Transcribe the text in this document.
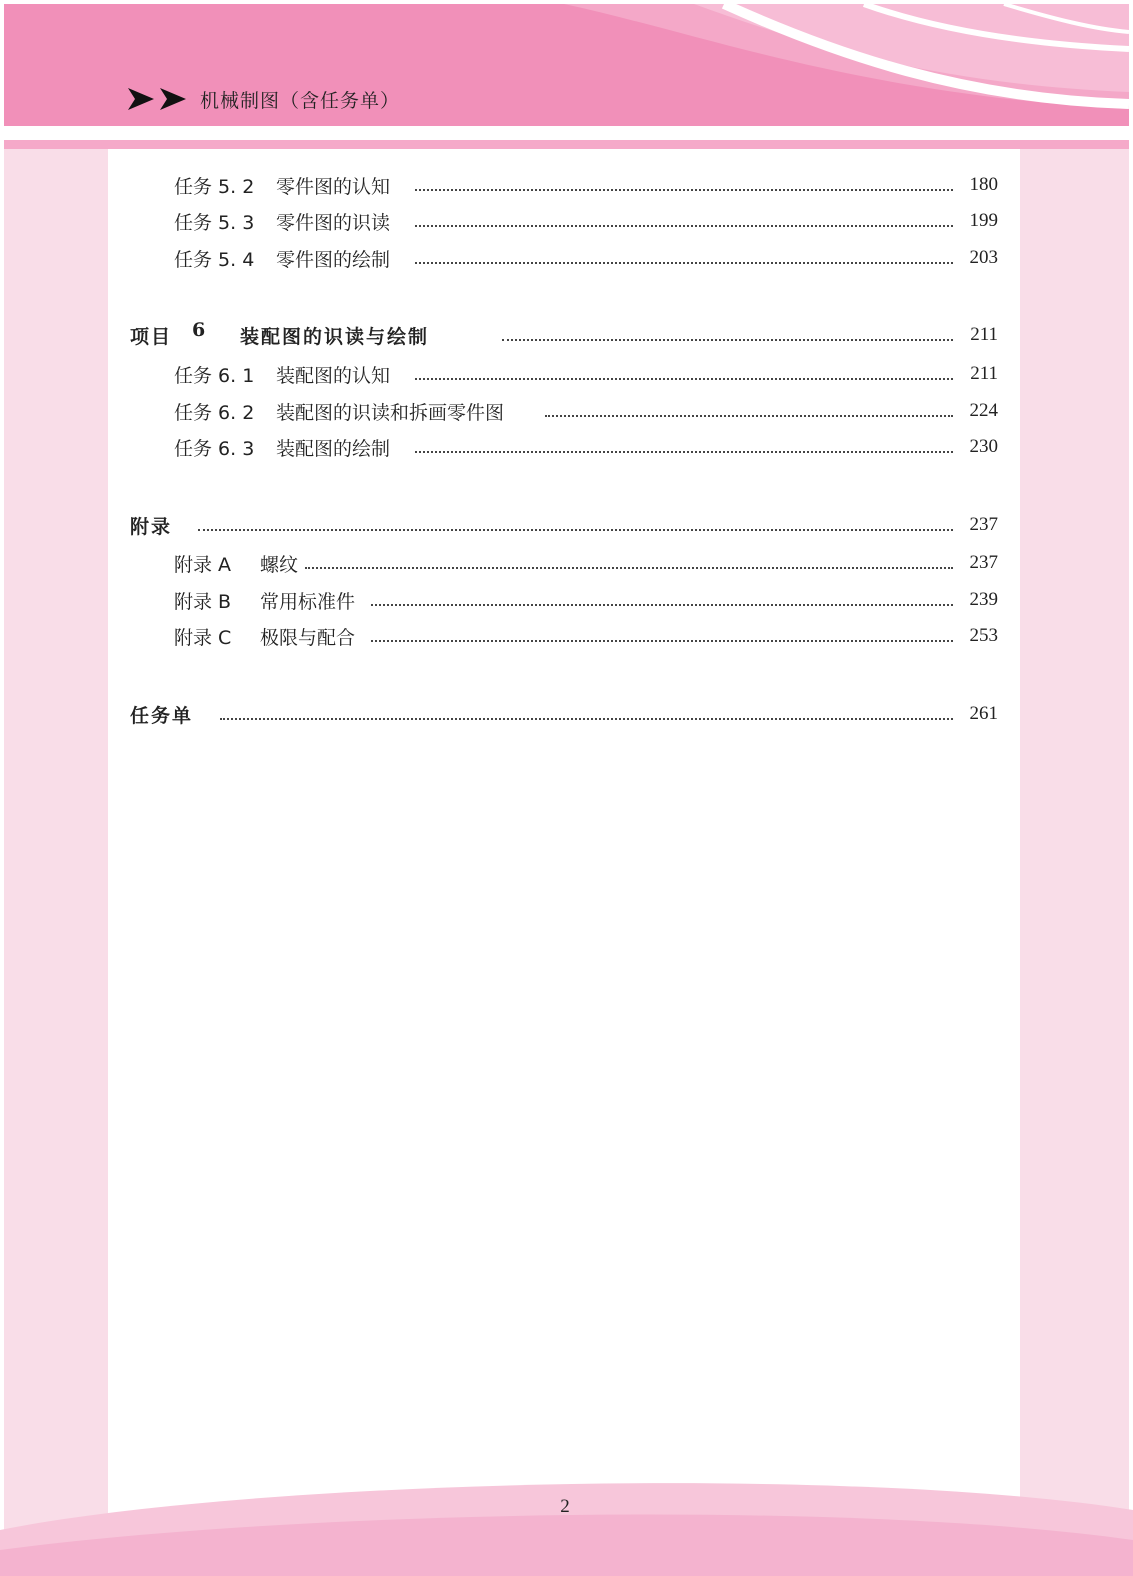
机械制图（含任务单）
任务 5. 2 零件图的认知	180
任务 5. 3 零件图的识读	199
任务 5. 4 零件图的绘制	203
项目 6 装配图的识读与绘制	211
任务 6. 1 装配图的认知	211
任务 6. 2 装配图的识读和拆画零件图	224
任务 6. 3 装配图的绘制	230
附录	237
附录 A 螺纹	237
附录 B 常用标准件	239
附录 C 极限与配合	253
任务单	261
2
